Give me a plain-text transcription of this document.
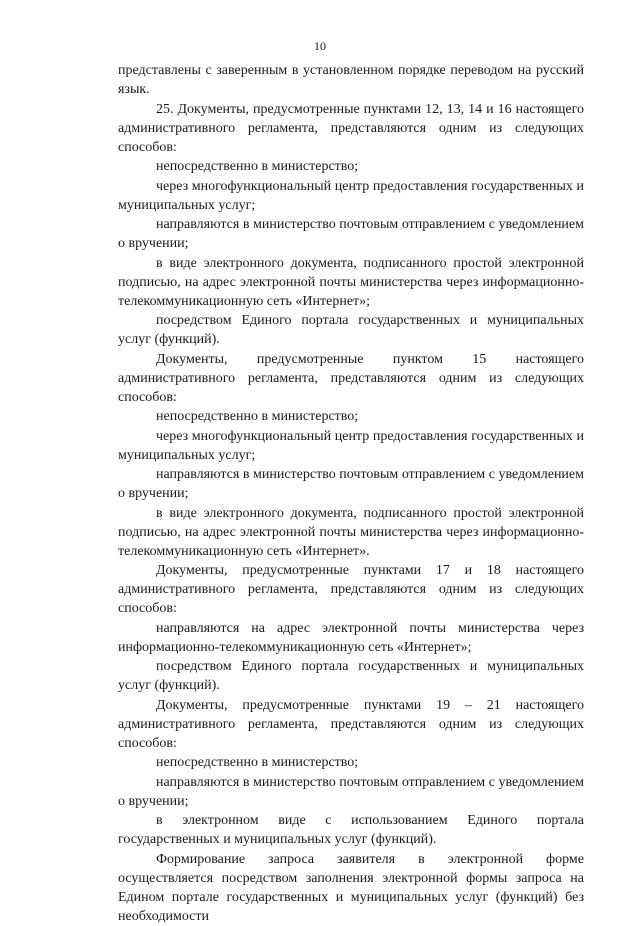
10

представлены с заверенным в установленном порядке переводом на русский язык.

25. Документы, предусмотренные пунктами 12, 13, 14 и 16 настоящего административного регламента, представляются одним из следующих способов:

непосредственно в министерство;

через многофункциональный центр предоставления государственных и муниципальных услуг;

направляются в министерство почтовым отправлением с уведомлением о вручении;

в виде электронного документа, подписанного простой электронной подписью, на адрес электронной почты министерства через информационно-телекоммуникационную сеть «Интернет»;

посредством Единого портала государственных и муниципальных услуг (функций).

Документы, предусмотренные пунктом 15 настоящего административного регламента, представляются одним из следующих способов:

непосредственно в министерство;

через многофункциональный центр предоставления государственных и муниципальных услуг;

направляются в министерство почтовым отправлением с уведомлением о вручении;

в виде электронного документа, подписанного простой электронной подписью, на адрес электронной почты министерства через информационно-телекоммуникационную сеть «Интернет».

Документы, предусмотренные пунктами 17 и 18 настоящего административного регламента, представляются одним из следующих способов:

направляются на адрес электронной почты министерства через информационно-телекоммуникационную сеть «Интернет»;

посредством Единого портала государственных и муниципальных услуг (функций).

Документы, предусмотренные пунктами 19 – 21 настоящего административного регламента, представляются одним из следующих способов:

непосредственно в министерство;

направляются в министерство почтовым отправлением с уведомлением о вручении;

в электронном виде с использованием Единого портала государственных и муниципальных услуг (функций).

Формирование запроса заявителя в электронной форме осуществляется посредством заполнения электронной формы запроса на Едином портале государственных и муниципальных услуг (функций) без необходимости
